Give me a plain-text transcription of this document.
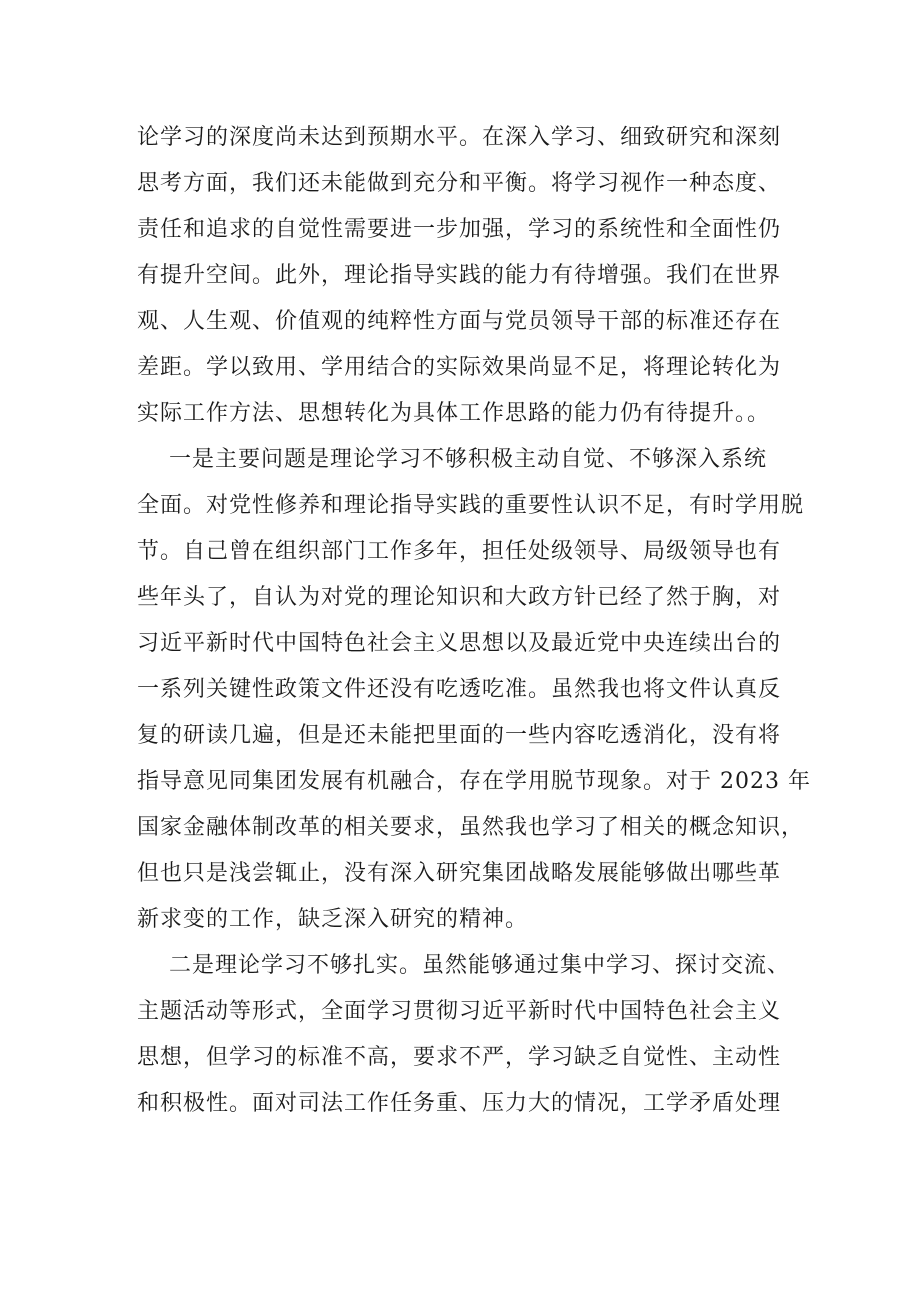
论学习的深度尚未达到预期水平。在深入学习、细致研究和深刻
思考方面，我们还未能做到充分和平衡。将学习视作一种态度、
责任和追求的自觉性需要进一步加强，学习的系统性和全面性仍
有提升空间。此外，理论指导实践的能力有待增强。我们在世界
观、人生观、价值观的纯粹性方面与党员领导干部的标准还存在
差距。学以致用、学用结合的实际效果尚显不足，将理论转化为
实际工作方法、思想转化为具体工作思路的能力仍有待提升。。
一是主要问题是理论学习不够积极主动自觉、不够深入系统
全面。对党性修养和理论指导实践的重要性认识不足，有时学用脱
节。自己曾在组织部门工作多年，担任处级领导、局级领导也有
些年头了，自认为对党的理论知识和大政方针已经了然于胸，对
习近平新时代中国特色社会主义思想以及最近党中央连续出台的
一系列关键性政策文件还没有吃透吃准。虽然我也将文件认真反
复的研读几遍，但是还未能把里面的一些内容吃透消化，没有将
指导意见同集团发展有机融合，存在学用脱节现象。对于 2023 年
国家金融体制改革的相关要求，虽然我也学习了相关的概念知识，
但也只是浅尝辄止，没有深入研究集团战略发展能够做出哪些革
新求变的工作，缺乏深入研究的精神。
二是理论学习不够扎实。虽然能够通过集中学习、探讨交流、
主题活动等形式，全面学习贯彻习近平新时代中国特色社会主义
思想，但学习的标准不高，要求不严，学习缺乏自觉性、主动性
和积极性。面对司法工作任务重、压力大的情况，工学矛盾处理
